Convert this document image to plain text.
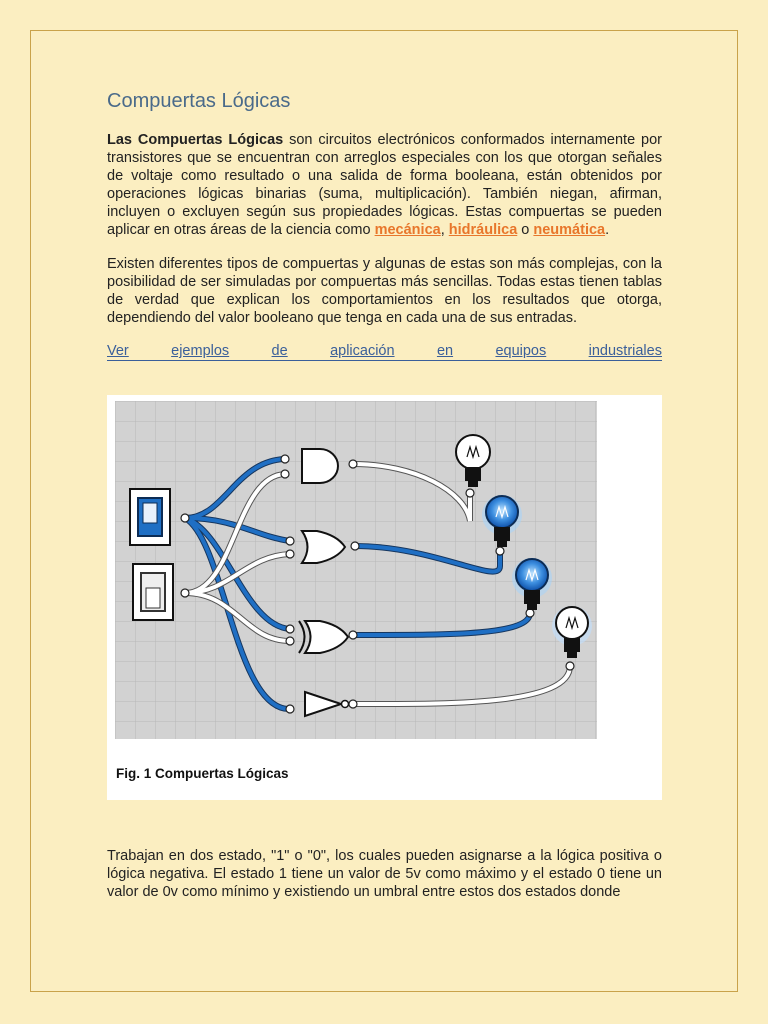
Compuertas Lógicas

Las Compuertas Lógicas son circuitos electrónicos conformados internamente por transistores que se encuentran con arreglos especiales con los que otorgan señales de voltaje como resultado o una salida de forma booleana, están obtenidos por operaciones lógicas binarias (suma, multiplicación). También niegan, afirman, incluyen o excluyen según sus propiedades lógicas. Estas compuertas se pueden aplicar en otras áreas de la ciencia como mecánica, hidráulica o neumática.

Existen diferentes tipos de compuertas y algunas de estas son más complejas, con la posibilidad de ser simuladas por compuertas más sencillas. Todas estas tienen tablas de verdad que explican los comportamientos en los resultados que otorga, dependiendo del valor booleano que tenga en cada una de sus entradas.

Ver	ejemplos	de	aplicación	en	equipos	industriales
Fig. 1 Compuertas Lógicas

Trabajan en dos estado, "1" o "0", los cuales pueden asignarse a la lógica positiva o lógica negativa. El estado 1 tiene un valor de 5v como máximo y el estado 0 tiene un valor de 0v como mínimo y existiendo un umbral entre estos dos estados donde
